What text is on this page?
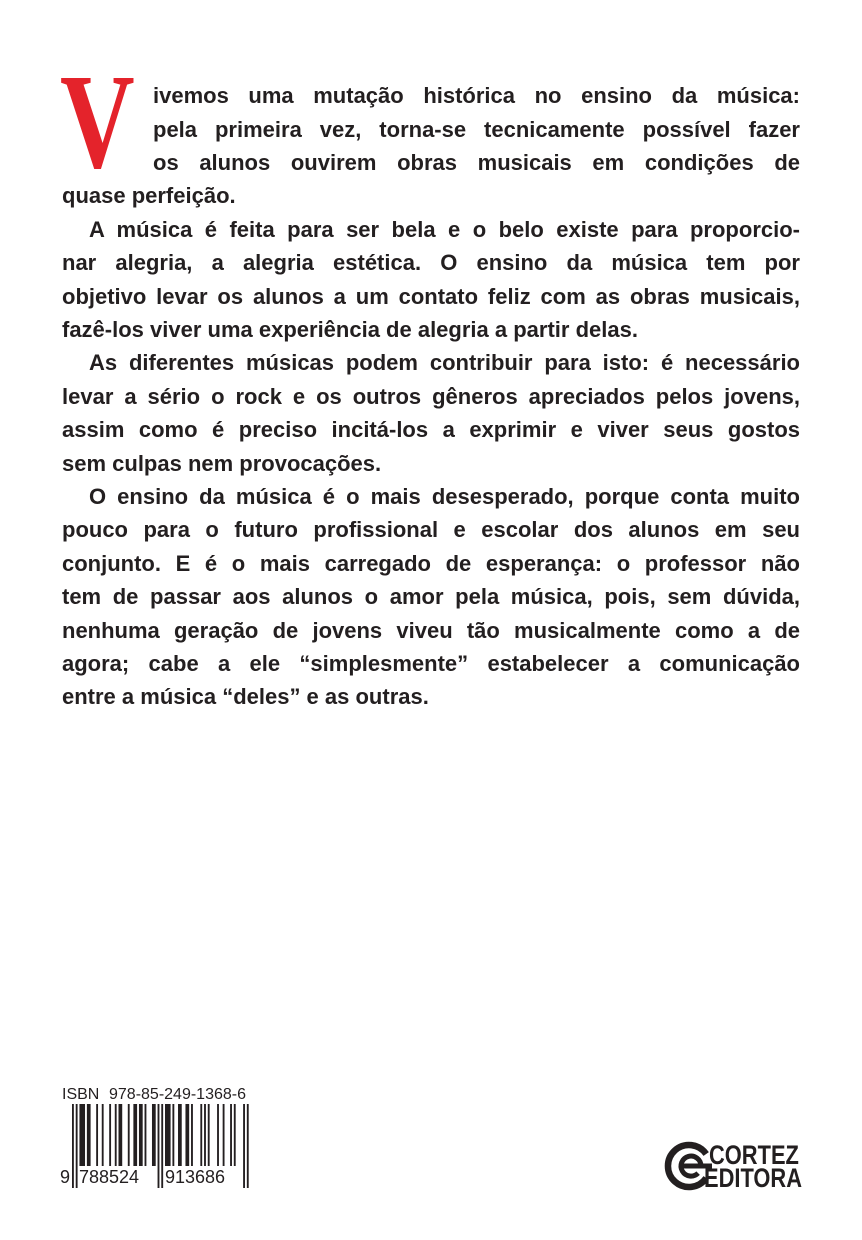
V ivemos uma mutação histórica no ensino da música:
pela primeira vez, torna-se tecnicamente possível fazer
os alunos ouvirem obras musicais em condições de
quase perfeição.
A música é feita para ser bela e o belo existe para proporcio-
nar alegria, a alegria estética. O ensino da música tem por
objetivo levar os alunos a um contato feliz com as obras musicais,
fazê-los viver uma experiência de alegria a partir delas.
As diferentes músicas podem contribuir para isto: é necessário
levar a sério o rock e os outros gêneros apreciados pelos jovens,
assim como é preciso incitá-los a exprimir e viver seus gostos
sem culpas nem provocações.
O ensino da música é o mais desesperado, porque conta muito
pouco para o futuro profissional e escolar dos alunos em seu
conjunto. E é o mais carregado de esperança: o professor não
tem de passar aos alunos o amor pela música, pois, sem dúvida,
nenhuma geração de jovens viveu tão musicalmente como a de
agora; cabe a ele “simplesmente” estabelecer a comunicação
entre a música “deles” e as outras.
ISBN 978-85-249-1368-6
9 788524	913686
CORTEZ
EDITORA
